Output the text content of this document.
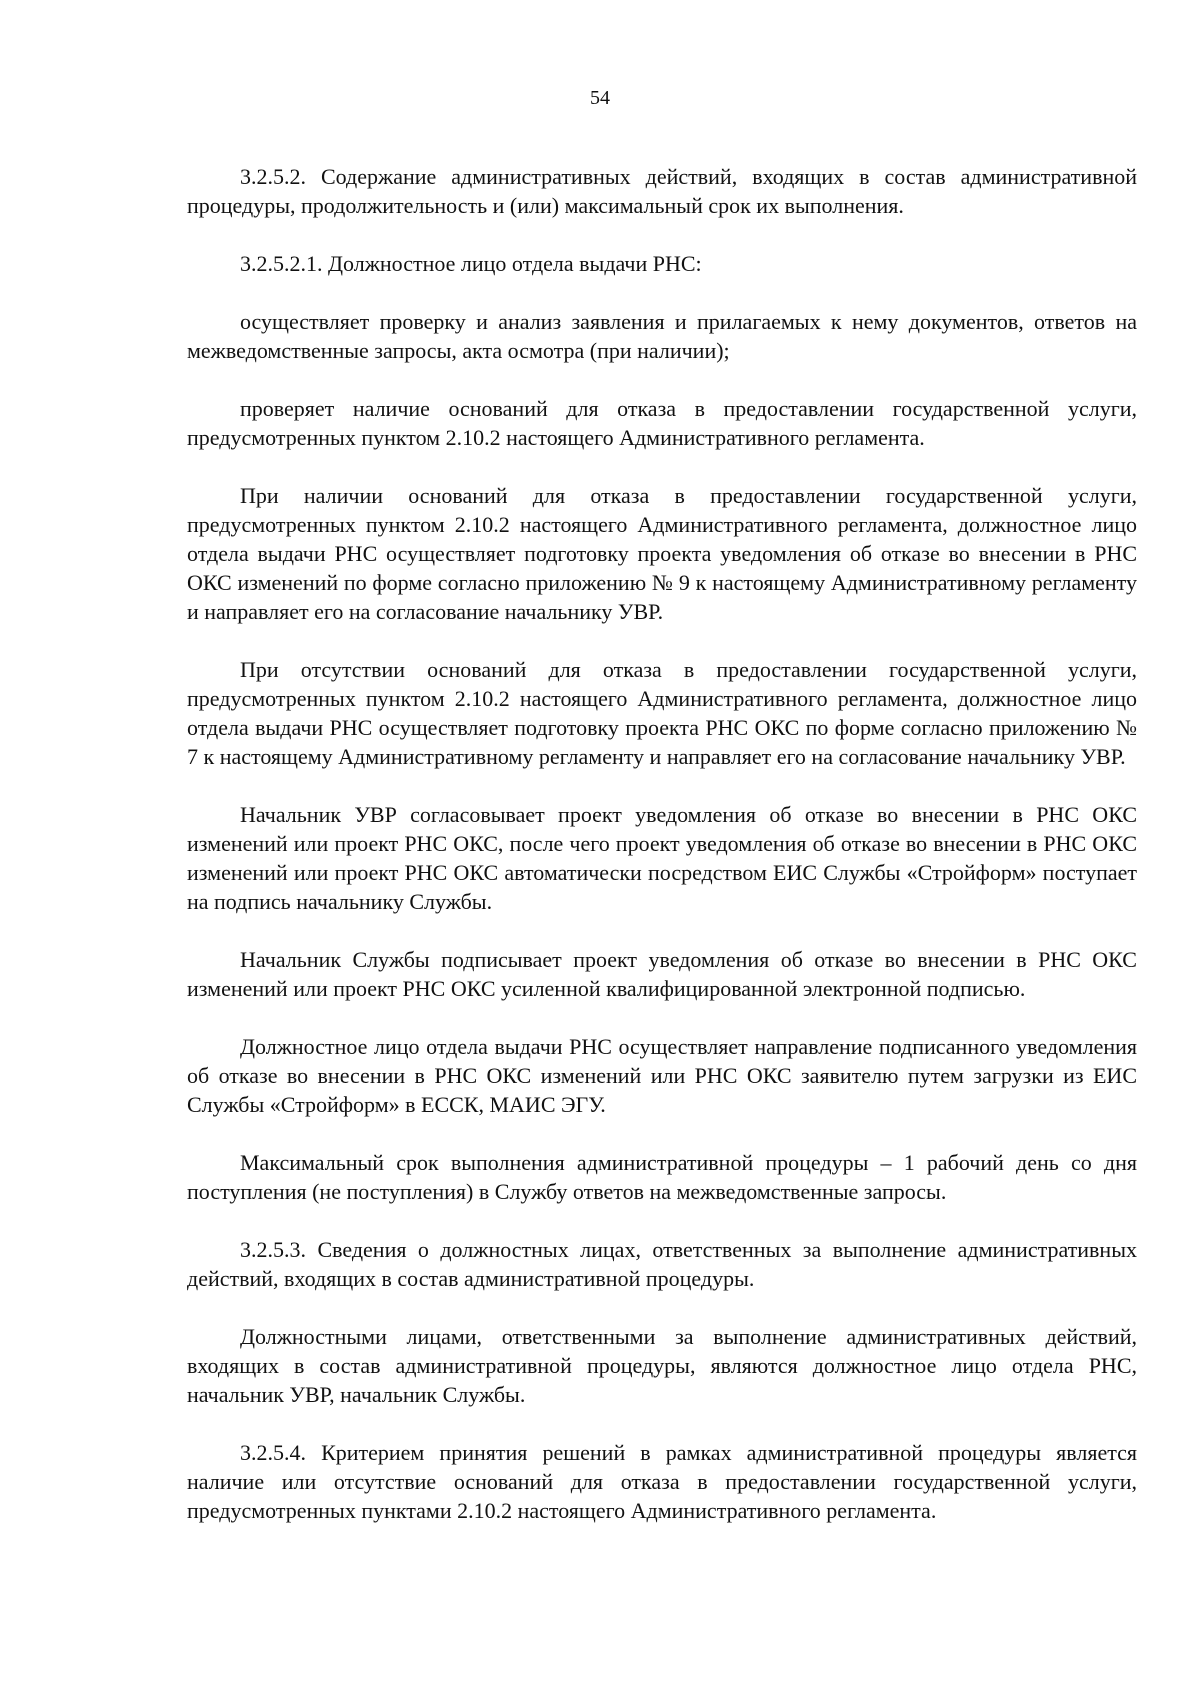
54

3.2.5.2. Содержание административных действий, входящих в состав административной процедуры, продолжительность и (или) максимальный срок их выполнения.

3.2.5.2.1. Должностное лицо отдела выдачи РНС:

осуществляет проверку и анализ заявления и прилагаемых к нему документов, ответов на межведомственные запросы, акта осмотра (при наличии);

проверяет наличие оснований для отказа в предоставлении государственной услуги, предусмотренных пунктом 2.10.2 настоящего Административного регламента.

При наличии оснований для отказа в предоставлении государственной услуги, предусмотренных пунктом 2.10.2 настоящего Административного регламента, должностное лицо отдела выдачи РНС осуществляет подготовку проекта уведомления об отказе во внесении в РНС ОКС изменений по форме согласно приложению № 9 к настоящему Административному регламенту и направляет его на согласование начальнику УВР.

При отсутствии оснований для отказа в предоставлении государственной услуги, предусмотренных пунктом 2.10.2 настоящего Административного регламента, должностное лицо отдела выдачи РНС осуществляет подготовку проекта РНС ОКС по форме согласно приложению № 7 к настоящему Административному регламенту и направляет его на согласование начальнику УВР.

Начальник УВР согласовывает проект уведомления об отказе во внесении в РНС ОКС изменений или проект РНС ОКС, после чего проект уведомления об отказе во внесении в РНС ОКС изменений или проект РНС ОКС автоматически посредством ЕИС Службы «Стройформ» поступает на подпись начальнику Службы.

Начальник Службы подписывает проект уведомления об отказе во внесении в РНС ОКС изменений или проект РНС ОКС усиленной квалифицированной электронной подписью.

Должностное лицо отдела выдачи РНС осуществляет направление подписанного уведомления об отказе во внесении в РНС ОКС изменений или РНС ОКС заявителю путем загрузки из ЕИС Службы «Стройформ» в ЕССК, МАИС ЭГУ.

Максимальный срок выполнения административной процедуры – 1 рабочий день со дня поступления (не поступления) в Службу ответов на межведомственные запросы.

3.2.5.3. Сведения о должностных лицах, ответственных за выполнение административных действий, входящих в состав административной процедуры.

Должностными лицами, ответственными за выполнение административных действий, входящих в состав административной процедуры, являются должностное лицо отдела РНС, начальник УВР, начальник Службы.

3.2.5.4. Критерием принятия решений в рамках административной процедуры является наличие или отсутствие оснований для отказа в предоставлении государственной услуги, предусмотренных пунктами 2.10.2 настоящего Административного регламента.
